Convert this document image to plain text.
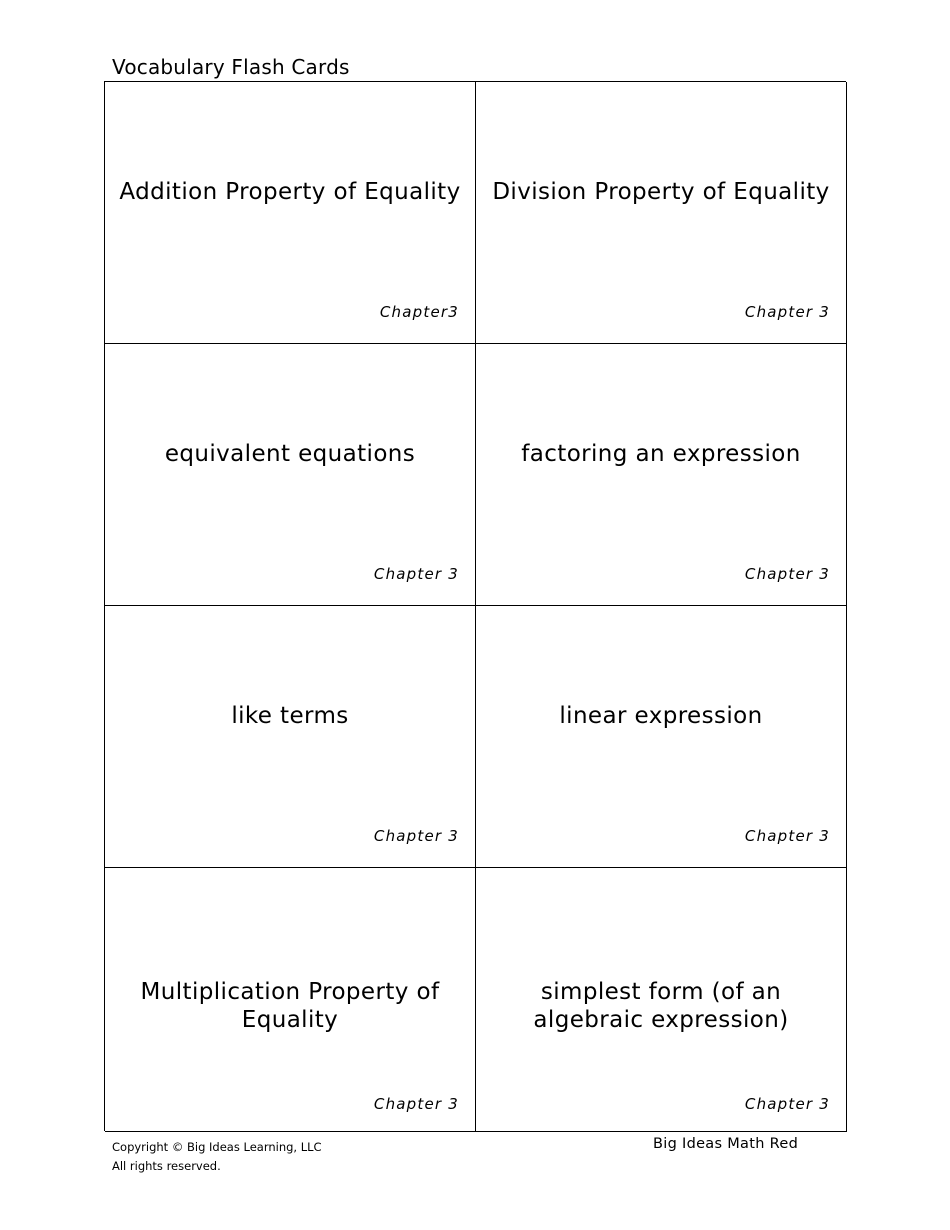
Vocabulary Flash Cards
Addition Property of Equality
Chapter3
Division Property of Equality
Chapter 3
equivalent equations
Chapter 3
factoring an expression
Chapter 3
like terms
Chapter 3
linear expression
Chapter 3
Multiplication Property of Equality
Chapter 3
simplest form (of an algebraic expression)
Chapter 3
Copyright © Big Ideas Learning, LLC
All rights reserved.
Big Ideas Math Red
